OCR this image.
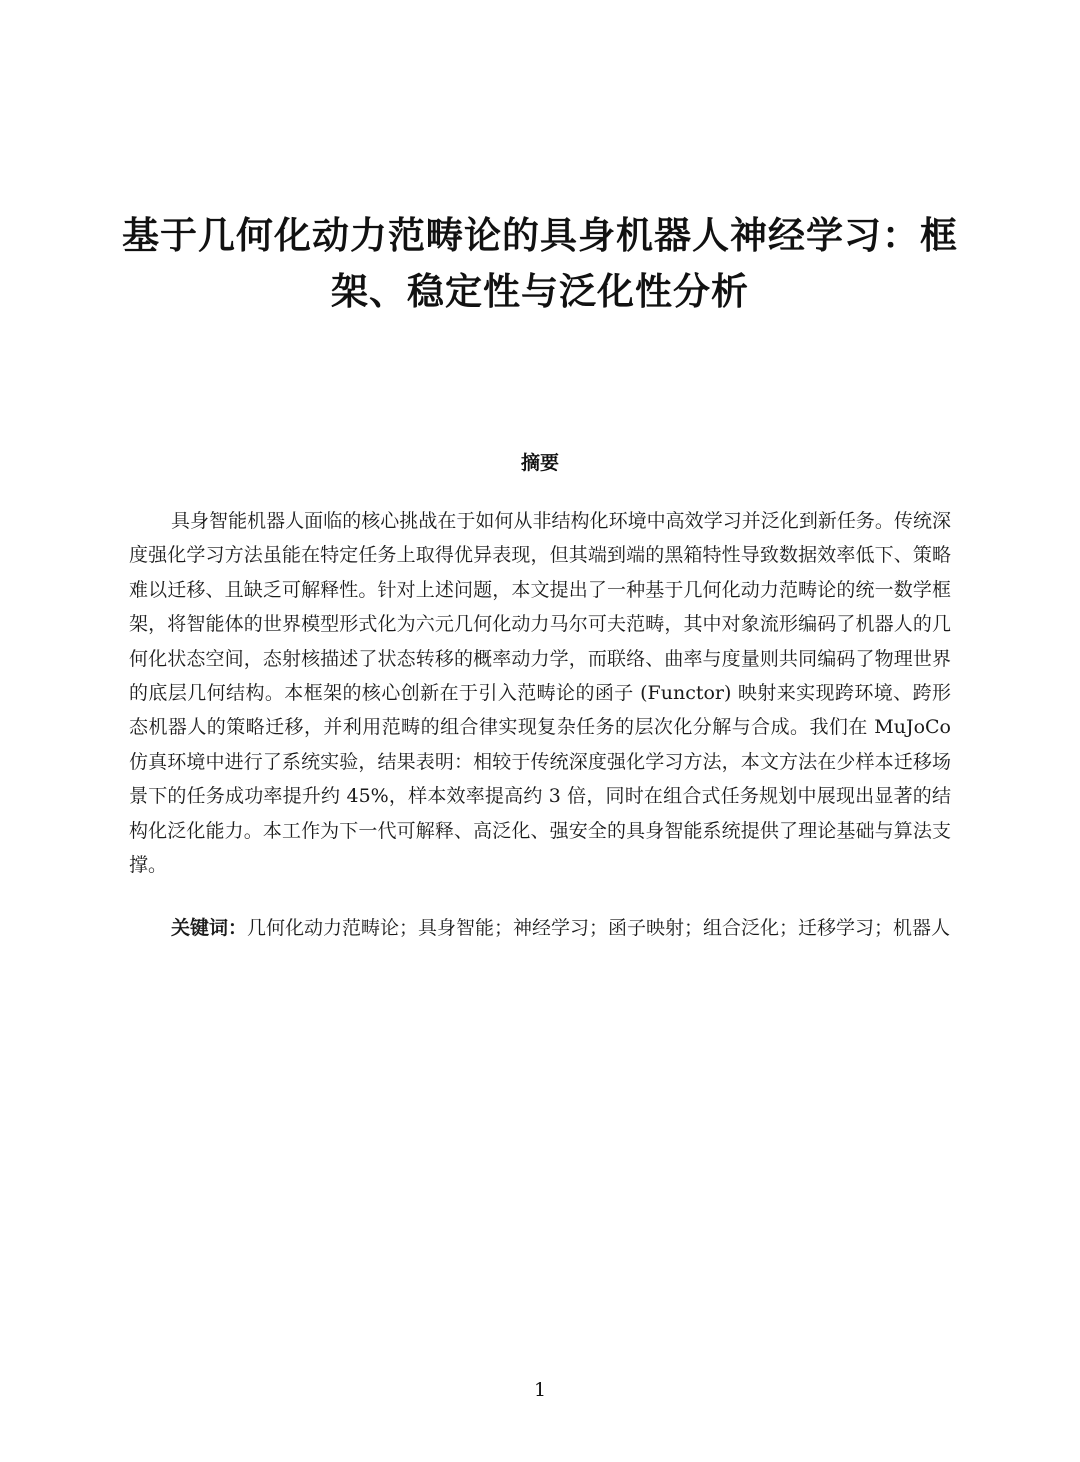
基于几何化动力范畴论的具身机器人神经学习：框架、稳定性与泛化性分析
摘要

具身智能机器人面临的核心挑战在于如何从非结构化环境中高效学习并泛化到新任务。传统深度强化学习方法虽能在特定任务上取得优异表现，但其端到端的黑箱特性导致数据效率低下、策略难以迁移、且缺乏可解释性。针对上述问题，本文提出了一种基于几何化动力范畴论的统一数学框架，将智能体的世界模型形式化为六元几何化动力马尔可夫范畴，其中对象流形编码了机器人的几何化状态空间，态射核描述了状态转移的概率动力学，而联络、曲率与度量则共同编码了物理世界的底层几何结构。本框架的核心创新在于引入范畴论的函子 (Functor) 映射来实现跨环境、跨形态机器人的策略迁移，并利用范畴的组合律实现复杂任务的层次化分解与合成。我们在 MuJoCo 仿真环境中进行了系统实验，结果表明：相较于传统深度强化学习方法，本文方法在少样本迁移场景下的任务成功率提升约 45%，样本效率提高约 3 倍，同时在组合式任务规划中展现出显著的结构化泛化能力。本工作为下一代可解释、高泛化、强安全的具身智能系统提供了理论基础与算法支撑。

关键词：几何化动力范畴论；具身智能；神经学习；函子映射；组合泛化；迁移学习；机器人

1
